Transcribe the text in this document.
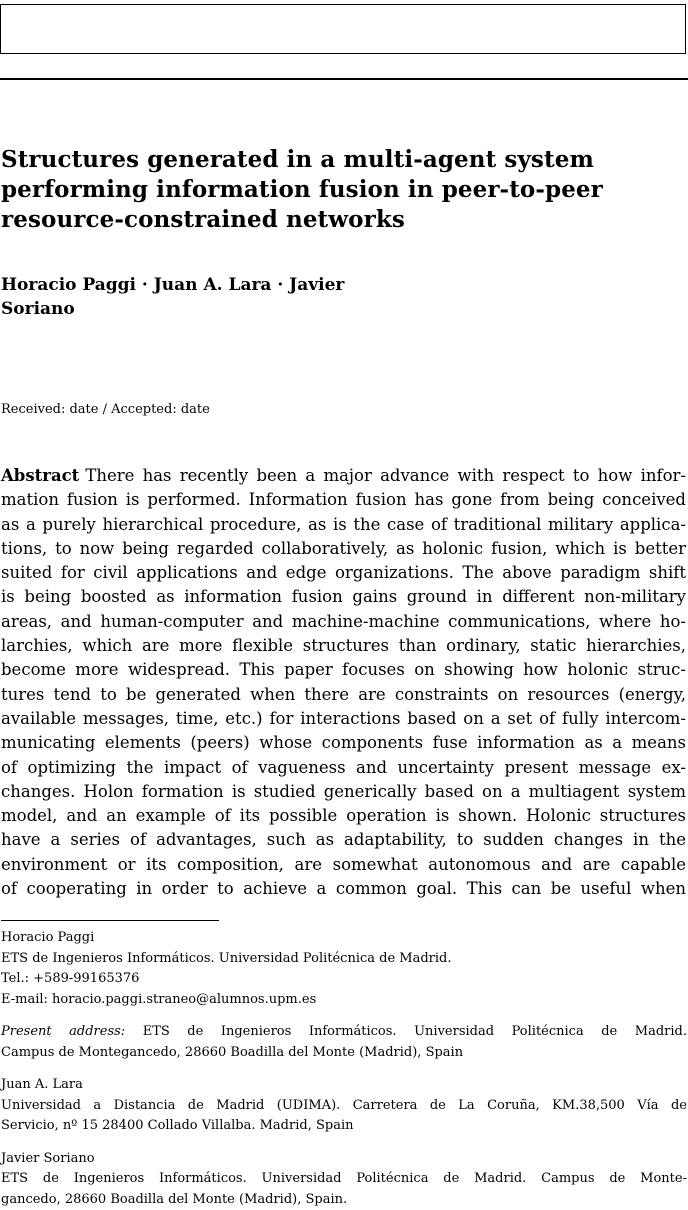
Structures generated in a multi-agent system
performing information fusion in peer-to-peer
resource-constrained networks
Horacio Paggi · Juan A. Lara · Javier
Soriano
Received: date / Accepted: date
Abstract There has recently been a major advance with respect to how infor-
mation fusion is performed. Information fusion has gone from being conceived
as a purely hierarchical procedure, as is the case of traditional military applica-
tions, to now being regarded collaboratively, as holonic fusion, which is better
suited for civil applications and edge organizations. The above paradigm shift
is being boosted as information fusion gains ground in different non-military
areas, and human-computer and machine-machine communications, where ho-
larchies, which are more flexible structures than ordinary, static hierarchies,
become more widespread. This paper focuses on showing how holonic struc-
tures tend to be generated when there are constraints on resources (energy,
available messages, time, etc.) for interactions based on a set of fully intercom-
municating elements (peers) whose components fuse information as a means
of optimizing the impact of vagueness and uncertainty present message ex-
changes. Holon formation is studied generically based on a multiagent system
model, and an example of its possible operation is shown. Holonic structures
have a series of advantages, such as adaptability, to sudden changes in the
environment or its composition, are somewhat autonomous and are capable
of cooperating in order to achieve a common goal. This can be useful when
Horacio Paggi
ETS de Ingenieros Informáticos. Universidad Politécnica de Madrid.
Tel.: +589-99165376
E-mail: horacio.paggi.straneo@alumnos.upm.es
Present address: ETS de Ingenieros Informáticos. Universidad Politécnica de Madrid.
Campus de Montegancedo, 28660 Boadilla del Monte (Madrid), Spain
Juan A. Lara
Universidad a Distancia de Madrid (UDIMA). Carretera de La Coruña, KM.38,500 Vía de
Servicio, nº 15 28400 Collado Villalba. Madrid, Spain
Javier Soriano
ETS de Ingenieros Informáticos. Universidad Politécnica de Madrid. Campus de Monte-
gancedo, 28660 Boadilla del Monte (Madrid), Spain.
